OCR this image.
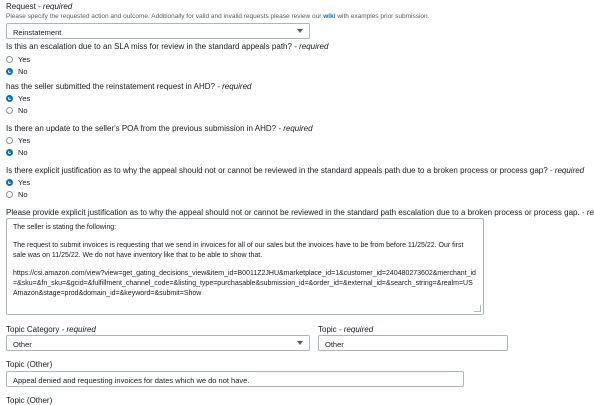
Request - required
Please specify the requested action and outcome. Additionally for valid and invalid requests please review our wiki with examples prior submission.
Reinstatement
Is this an escalation due to an SLA miss for review in the standard appeals path? - required
Yes
No
has the seller submitted the reinstatement request in AHD? - required
Yes
No
Is there an update to the seller's POA from the previous submission in AHD? - required
Yes
No
Is there explicit justification as to why the appeal should not or cannot be reviewed in the standard appeals path due to a broken process or process gap? - required
Yes
No
Please provide explicit justification as to why the appeal should not or cannot be reviewed in the standard path escalation due to a broken process or process gap. - re

The seller is stating the following:

The request to submit invoices is requesting that we send in invoices for all of our sales but the invoices have to be from before 11/25/22. Our first sale was on 11/25/22. We do not have inventory like that to be able to show that.

https://csi.amazon.com/view?view=get_gating_decisions_view&item_id=B0011Z2JHU&marketplace_id=1&customer_id=240480273602&merchant_id=&sku=&fn_sku=&gcid=&fulfillment_channel_code=&listing_type=purchasable&submission_id=&order_id=&external_id=&search_string=&realm=USAmazon&stage=prod&domain_id=&keyword=&submit=Show

Topic Category - required
Other
Topic - required
Other
Topic (Other)
Appeal denied and requesting invoices for dates which we do not have.
Topic (Other)
